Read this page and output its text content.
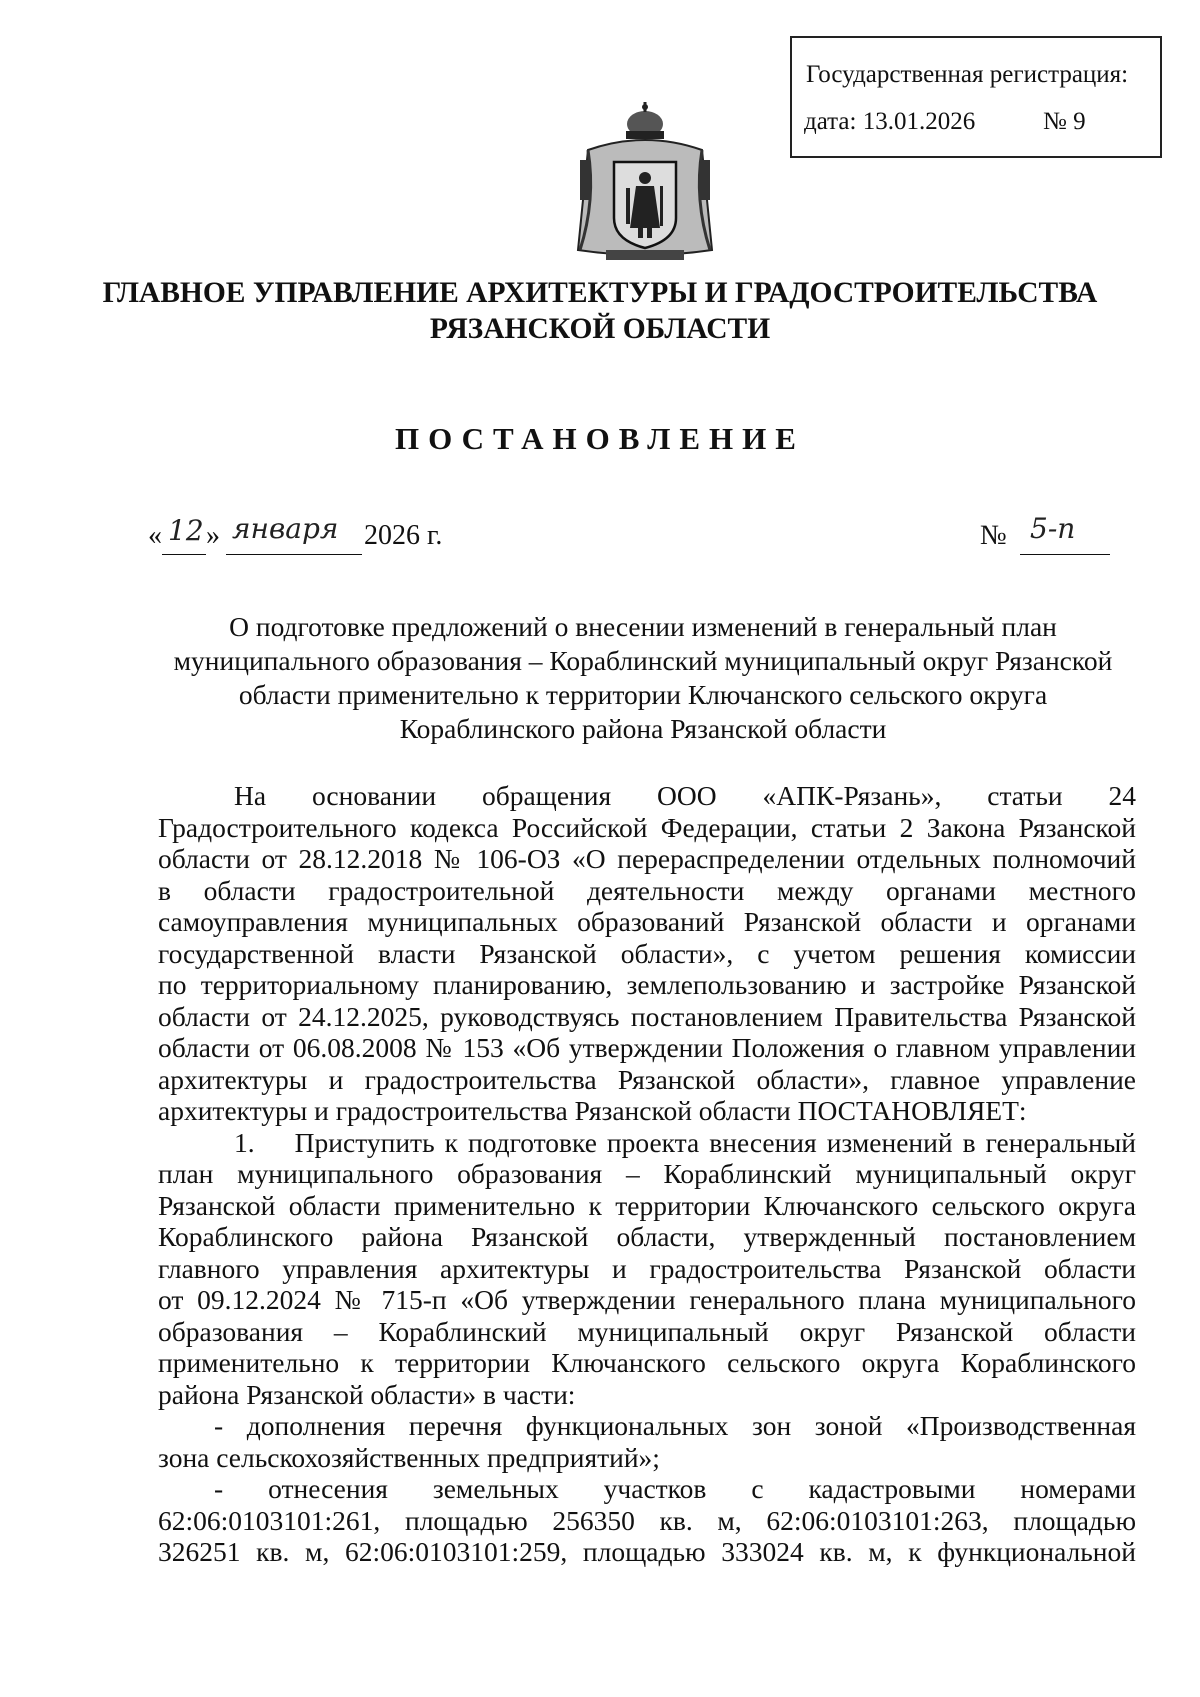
Государственная регистрация:
дата: 13.01.2026	№ 9
ГЛАВНОЕ УПРАВЛЕНИЕ АРХИТЕКТУРЫ И ГРАДОСТРОИТЕЛЬСТВА
РЯЗАНСКОЙ ОБЛАСТИ
ПОСТАНОВЛЕНИЕ
« 12 » января 2026 г.	№ 5-п
О подготовке предложений о внесении изменений в генеральный план
муниципального образования – Кораблинский муниципальный округ Рязанской
области применительно к территории Ключанского сельского округа
Кораблинского района Рязанской области
На      основании      обращения      ООО      «АПК-Рязань»,      статьи      24
Градостроительного кодекса Российской Федерации, статьи 2 Закона Рязанской
области от 28.12.2018 № 106-ОЗ «О перераспределении отдельных полномочий
в области градостроительной деятельности между органами местного
самоуправления муниципальных образований Рязанской области и органами
государственной власти Рязанской области», с учетом решения комиссии
по территориальному планированию, землепользованию и застройке Рязанской
области от 24.12.2025, руководствуясь постановлением Правительства Рязанской
области от 06.08.2008 № 153 «Об утверждении Положения о главном управлении
архитектуры и градостроительства Рязанской области», главное управление
архитектуры и градостроительства Рязанской области ПОСТАНОВЛЯЕТ:
1.    Приступить к подготовке проекта внесения изменений в генеральный
план муниципального образования – Кораблинский муниципальный округ
Рязанской области применительно к территории Ключанского сельского округа
Кораблинского района Рязанской области, утвержденный постановлением
главного управления архитектуры и градостроительства Рязанской области
от 09.12.2024 № 715-п «Об утверждении генерального плана муниципального
образования – Кораблинский муниципальный округ Рязанской области
применительно к территории Ключанского сельского округа Кораблинского
района Рязанской области» в части:
- дополнения перечня функциональных зон зоной «Производственная
зона сельскохозяйственных предприятий»;
- отнесения земельных участков с кадастровыми номерами
62:06:0103101:261, площадью 256350 кв. м, 62:06:0103101:263, площадью
326251 кв. м, 62:06:0103101:259, площадью 333024 кв. м, к функциональной
